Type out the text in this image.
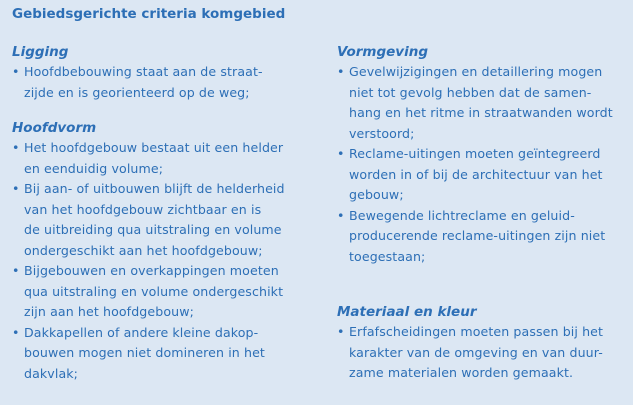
Gebiedsgerichte criteria komgebied

Ligging

• Hoofdbebouwing staat aan de straat-
zijde en is georienteerd op de weg;

Hoofdvorm

• Het hoofdgebouw bestaat uit een helder
en eenduidig volume;
• Bij aan- of uitbouwen blijft de helderheid
van het hoofdgebouw zichtbaar en is
de uitbreiding qua uitstraling en volume
ondergeschikt aan het hoofdgebouw;
• Bijgebouwen en overkappingen moeten
qua uitstraling en volume ondergeschikt
zijn aan het hoofdgebouw;
• Dakkapellen of andere kleine dakop-
bouwen mogen niet domineren in het
dakvlak;

Vormgeving

• Gevelwijzigingen en detaillering mogen
niet tot gevolg hebben dat de samen-
hang en het ritme in straatwanden wordt
verstoord;
• Reclame-uitingen moeten geïntegreerd
worden in of bij de architectuur van het
gebouw;
• Bewegende lichtreclame en geluid-
producerende reclame-uitingen zijn niet
toegestaan;

Materiaal en kleur

• Erfafscheidingen moeten passen bij het
karakter van de omgeving en van duur-
zame materialen worden gemaakt.
